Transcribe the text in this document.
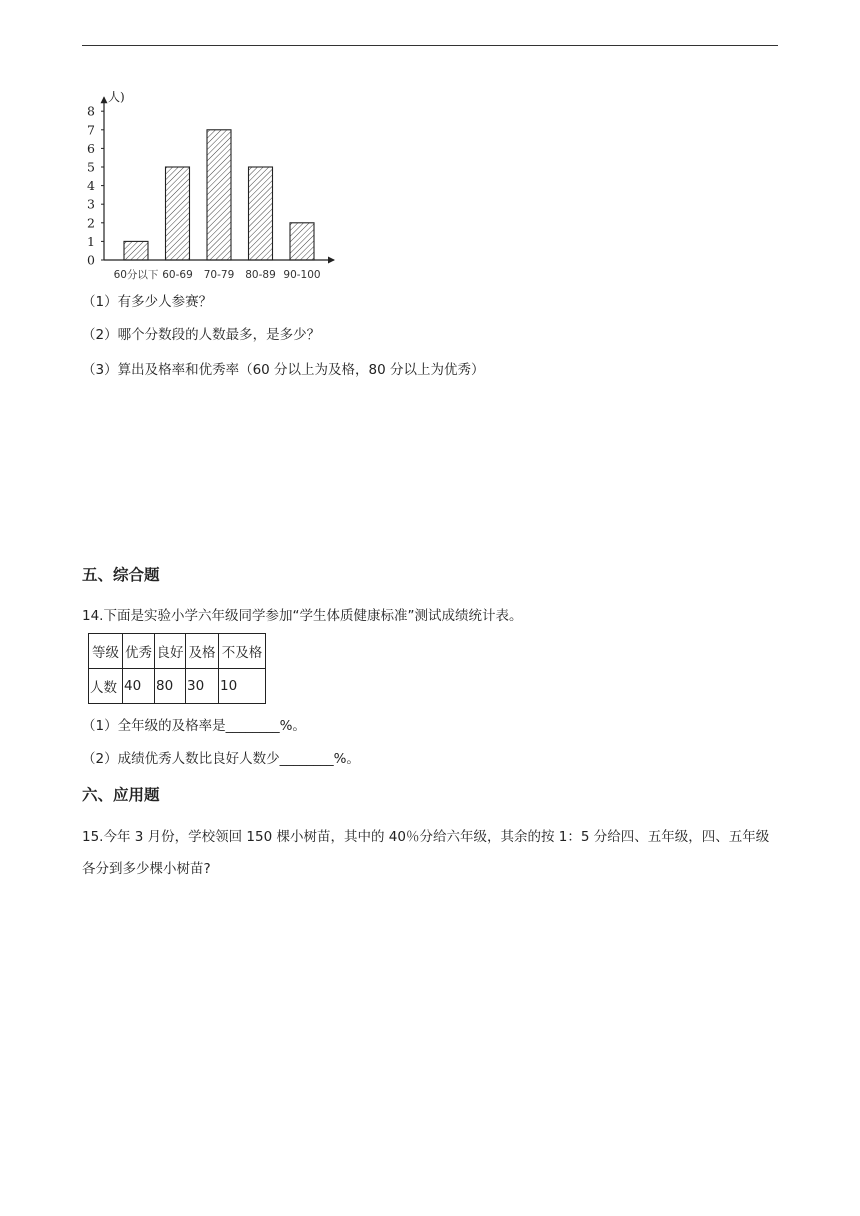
人)
0
1
2
3
4
5
6
7
8
60分以下 60-69 70-79 80-89 90-100
（1）有多少人参赛？
（2）哪个分数段的人数最多，是多少？
（3）算出及格率和优秀率（60 分以上为及格，80 分以上为优秀）
五、综合题
14.下面是实验小学六年级同学参加“学生体质健康标准”测试成绩统计表。
等级	优秀	良好	及格	不及格
人数	40	80	30	10
（1）全年级的及格率是________%。
（2）成绩优秀人数比良好人数少________%。
六、应用题
15.今年 3 月份，学校领回 150 棵小树苗，其中的 40％分给六年级，其余的按 1：5 分给四、五年级，四、五年级各分到多少棵小树苗?
